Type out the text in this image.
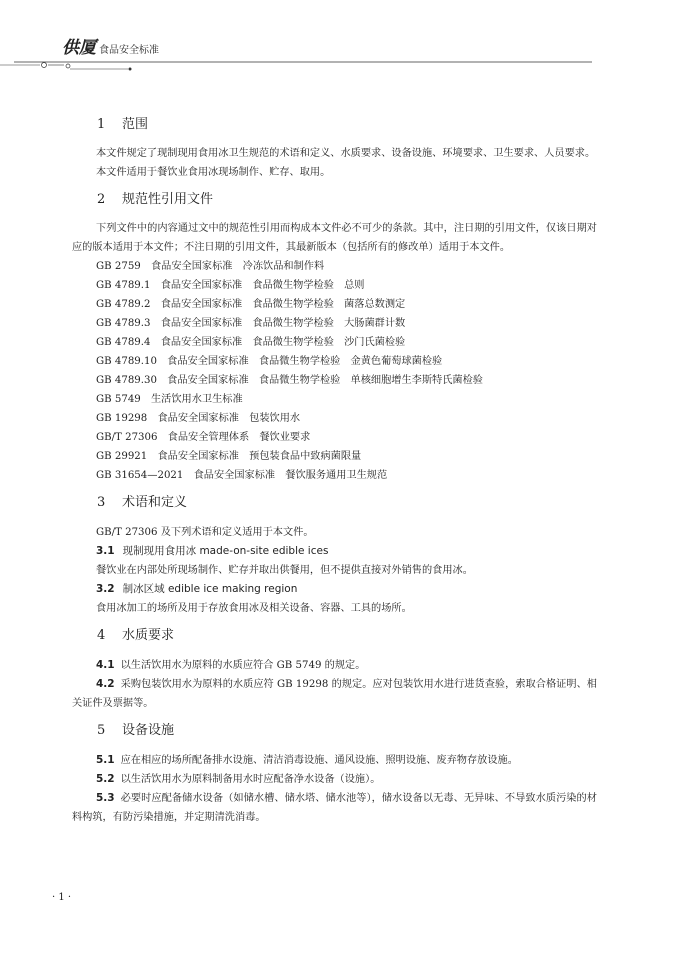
供厦 食品安全标准
1	范围

本文件规定了现制现用食用冰卫生规范的术语和定义、水质要求、设备设施、环境要求、卫生要求、人员要求。

本文件适用于餐饮业食用冰现场制作、贮存、取用。

2	规范性引用文件

下列文件中的内容通过文中的规范性引用而构成本文件必不可少的条款。其中，注日期的引用文件，仅该日期对应的版本适用于本文件；不注日期的引用文件，其最新版本（包括所有的修改单）适用于本文件。

GB 2759　食品安全国家标准　冷冻饮品和制作料

GB 4789.1　食品安全国家标准　食品微生物学检验　总则

GB 4789.2　食品安全国家标准　食品微生物学检验　菌落总数测定

GB 4789.3　食品安全国家标准　食品微生物学检验　大肠菌群计数

GB 4789.4　食品安全国家标准　食品微生物学检验　沙门氏菌检验

GB 4789.10　食品安全国家标准　食品微生物学检验　金黄色葡萄球菌检验

GB 4789.30　食品安全国家标准　食品微生物学检验　单核细胞增生李斯特氏菌检验

GB 5749　生活饮用水卫生标准

GB 19298　食品安全国家标准　包装饮用水

GB/T 27306　食品安全管理体系　餐饮业要求

GB 29921　食品安全国家标准　预包装食品中致病菌限量

GB 31654—2021　食品安全国家标准　餐饮服务通用卫生规范

3	术语和定义

GB/T 27306 及下列术语和定义适用于本文件。

3.1 现制现用食用冰 made-on-site edible ices

餐饮业在内部处所现场制作、贮存并取出供餐用，但不提供直接对外销售的食用冰。

3.2 制冰区域 edible ice making region

食用冰加工的场所及用于存放食用冰及相关设备、容器、工具的场所。

4	水质要求

4.1 以生活饮用水为原料的水质应符合 GB 5749 的规定。

4.2 采购包装饮用水为原料的水质应符 GB 19298 的规定。应对包装饮用水进行进货查验，索取合格证明、相关证件及票据等。

5	设备设施

5.1 应在相应的场所配备排水设施、清洁消毒设施、通风设施、照明设施、废弃物存放设施。

5.2 以生活饮用水为原料制备用水时应配备净水设备（设施）。

5.3 必要时应配备储水设备（如储水槽、储水塔、储水池等），储水设备以无毒、无异味、不导致水质污染的材料构筑，有防污染措施，并定期清洗消毒。

· 1 ·
